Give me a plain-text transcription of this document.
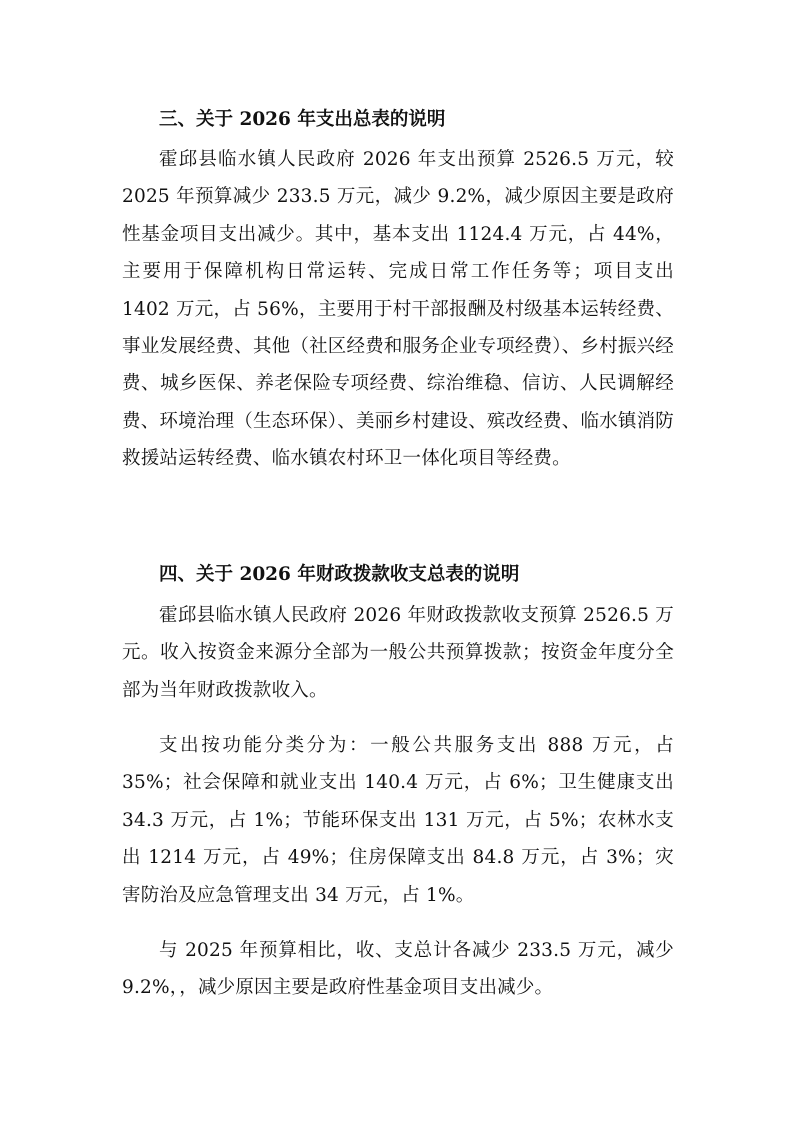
三、关于 2026 年支出总表的说明
霍邱县临水镇人民政府 2026 年支出预算 2526.5 万元，较 2025 年预算减少 233.5 万元，减少 9.2%，减少原因主要是政府性基金项目支出减少。其中，基本支出 1124.4 万元，占 44%，主要用于保障机构日常运转、完成日常工作任务等；项目支出 1402 万元，占 56%，主要用于村干部报酬及村级基本运转经费、事业发展经费、其他（社区经费和服务企业专项经费）、乡村振兴经费、城乡医保、养老保险专项经费、综治维稳、信访、人民调解经费、环境治理（生态环保）、美丽乡村建设、殡改经费、临水镇消防救援站运转经费、临水镇农村环卫一体化项目等经费。
四、关于 2026 年财政拨款收支总表的说明
霍邱县临水镇人民政府 2026 年财政拨款收支预算 2526.5 万元。收入按资金来源分全部为一般公共预算拨款；按资金年度分全部为当年财政拨款收入。
支出按功能分类分为：一般公共服务支出 888 万元，占 35%；社会保障和就业支出 140.4 万元，占 6%；卫生健康支出 34.3 万元，占 1%；节能环保支出 131 万元，占 5%；农林水支出 1214 万元，占 49%；住房保障支出 84.8 万元，占 3%；灾害防治及应急管理支出 34 万元，占 1%。
与 2025 年预算相比，收、支总计各减少 233.5 万元，减少 9.2%，，减少原因主要是政府性基金项目支出减少。
